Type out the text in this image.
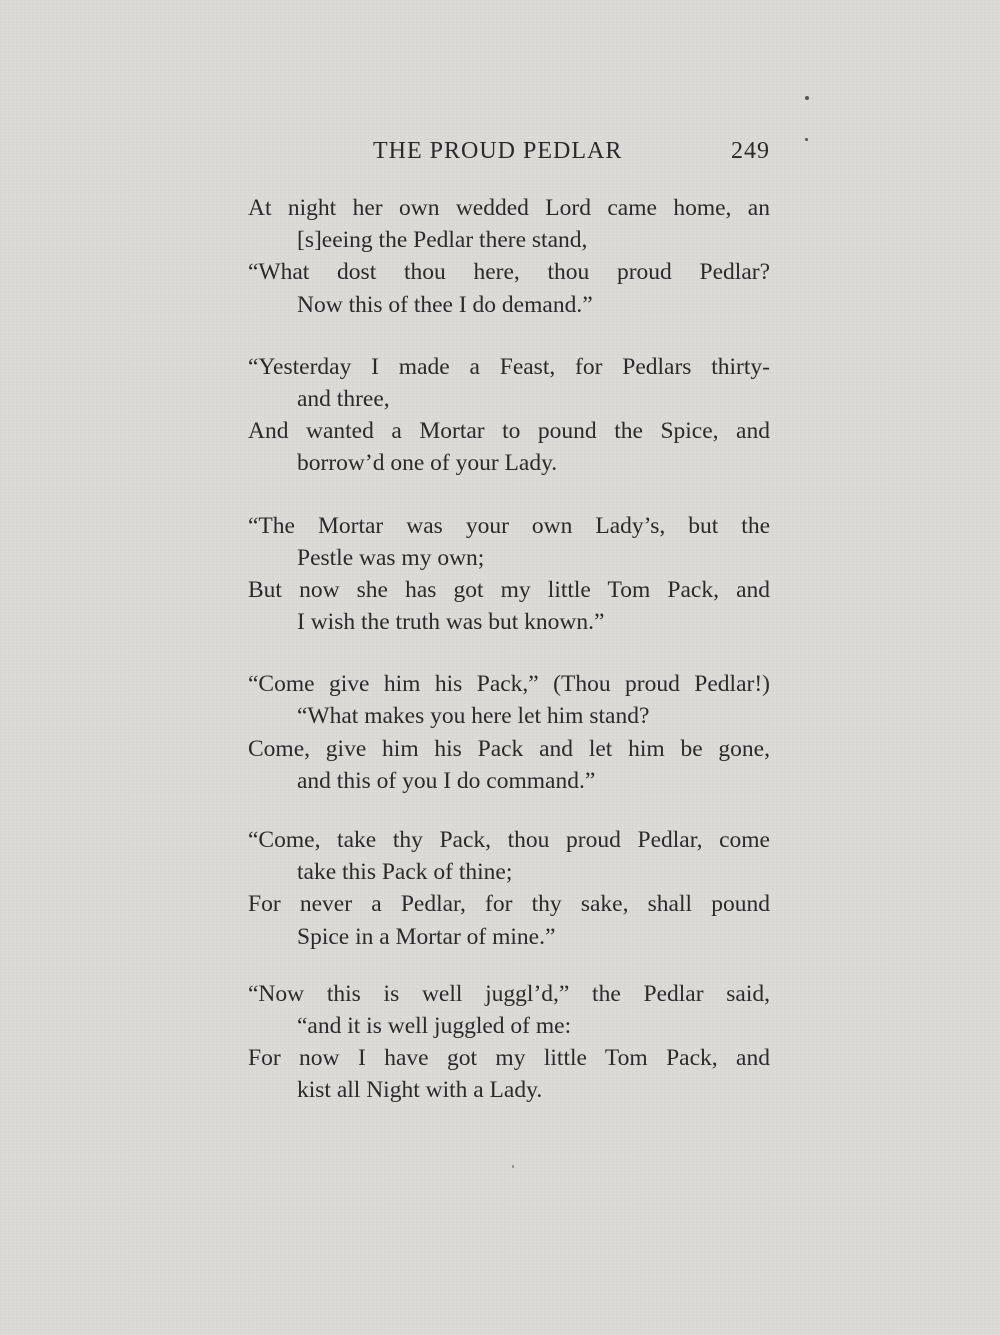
THE PROUD PEDLAR	249
At night her own wedded Lord came home, an
[s]eeing the Pedlar there stand,
“What dost thou here, thou proud Pedlar?
Now this of thee I do demand.”
“Yesterday I made a Feast, for Pedlars thirty-
and three,
And wanted a Mortar to pound the Spice, and
borrow’d one of your Lady.
“The Mortar was your own Lady’s, but the
Pestle was my own;
But now she has got my little Tom Pack, and
I wish the truth was but known.”
“Come give him his Pack,” (Thou proud Pedlar!)
“What makes you here let him stand?
Come, give him his Pack and let him be gone,
and this of you I do command.”
“Come, take thy Pack, thou proud Pedlar, come
take this Pack of thine;
For never a Pedlar, for thy sake, shall pound
Spice in a Mortar of mine.”
“Now this is well juggl’d,” the Pedlar said,
“and it is well juggled of me:
For now I have got my little Tom Pack, and
kist all Night with a Lady.
